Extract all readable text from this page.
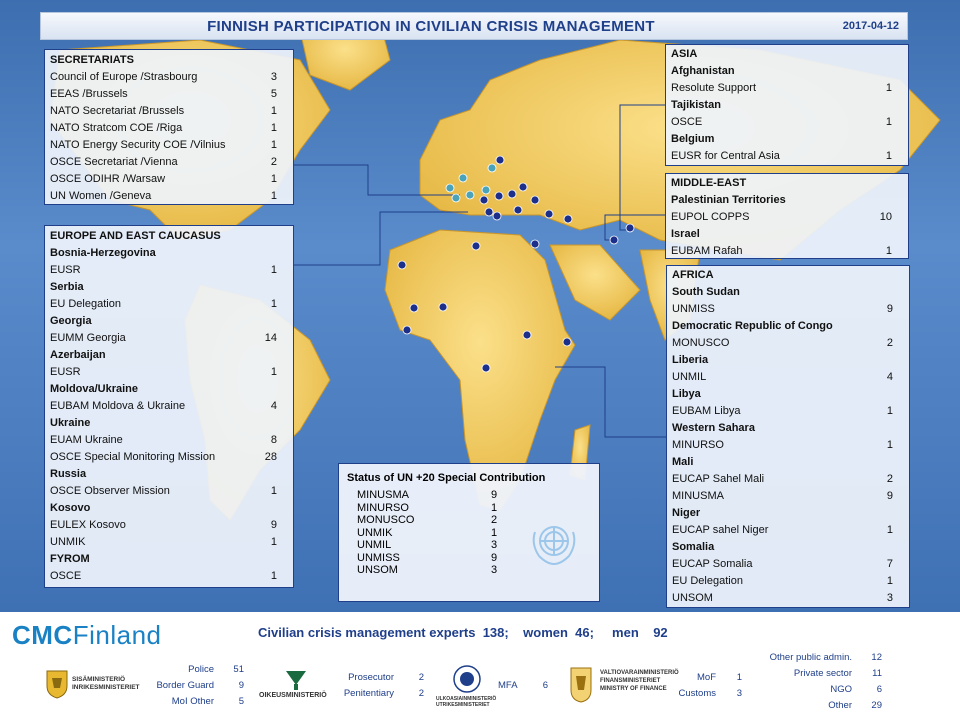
FINNISH PARTICIPATION IN CIVILIAN CRISIS MANAGEMENT	2017-04-12
SECRETARIATS
Council of Europe /Strasbourg	3
EEAS /Brussels	5
NATO Secretariat /Brussels	1
NATO Stratcom COE /Riga	1
NATO Energy Security COE /Vilnius	1
OSCE Secretariat /Vienna	2
OSCE ODIHR /Warsaw	1
UN Women /Geneva	1
EUROPE AND EAST CAUCASUS
Bosnia-Herzegovina
EUSR	1
Serbia
EU Delegation	1
Georgia
EUMM Georgia	14
Azerbaijan
EUSR	1
Moldova/Ukraine
EUBAM Moldova & Ukraine	4
Ukraine
EUAM Ukraine	8
OSCE Special Monitoring Mission	28
Russia
OSCE Observer Mission	1
Kosovo
EULEX Kosovo	9
UNMIK	1
FYROM
OSCE	1
ASIA
Afghanistan
Resolute Support	1
Tajikistan
OSCE	1
Belgium
EUSR for Central Asia	1
MIDDLE-EAST
Palestinian Territories
EUPOL COPPS	10
Israel
EUBAM Rafah	1
AFRICA
South Sudan
UNMISS	9
Democratic Republic of Congo
MONUSCO	2
Liberia
UNMIL	4
Libya
EUBAM Libya	1
Western Sahara
MINURSO	1
Mali
EUCAP Sahel Mali	2
MINUSMA	9
Niger
EUCAP sahel Niger	1
Somalia
EUCAP Somalia	7
EU Delegation	1
UNSOM	3
Status of UN +20 Special Contribution
MINUSMA	9
MINURSO	1
MONUSCO	2
UNMIK	1
UNMIL	3
UNMISS	9
UNSOM	3
CMCFinland	Civilian crisis management experts  138;    women  46;     men    92
SISÄMINISTERIÖ
INRIKESMINISTERIET
Police 51
Border Guard	9
MoI Other	5
OIKEUSMINISTERIÖ
Prosecutor	2
Penitentiary	2 ULKOASIAINMINISTERIÖ
UTRIKESMINISTERIET
MFA	6
VALTIOVARAINMINISTERIÖ
FINANSMINISTERIET
MINISTRY OF FINANCE
MoF 1
Customs 3
Other public admin. 12
Private sector 11
NGO	6
Other 29
